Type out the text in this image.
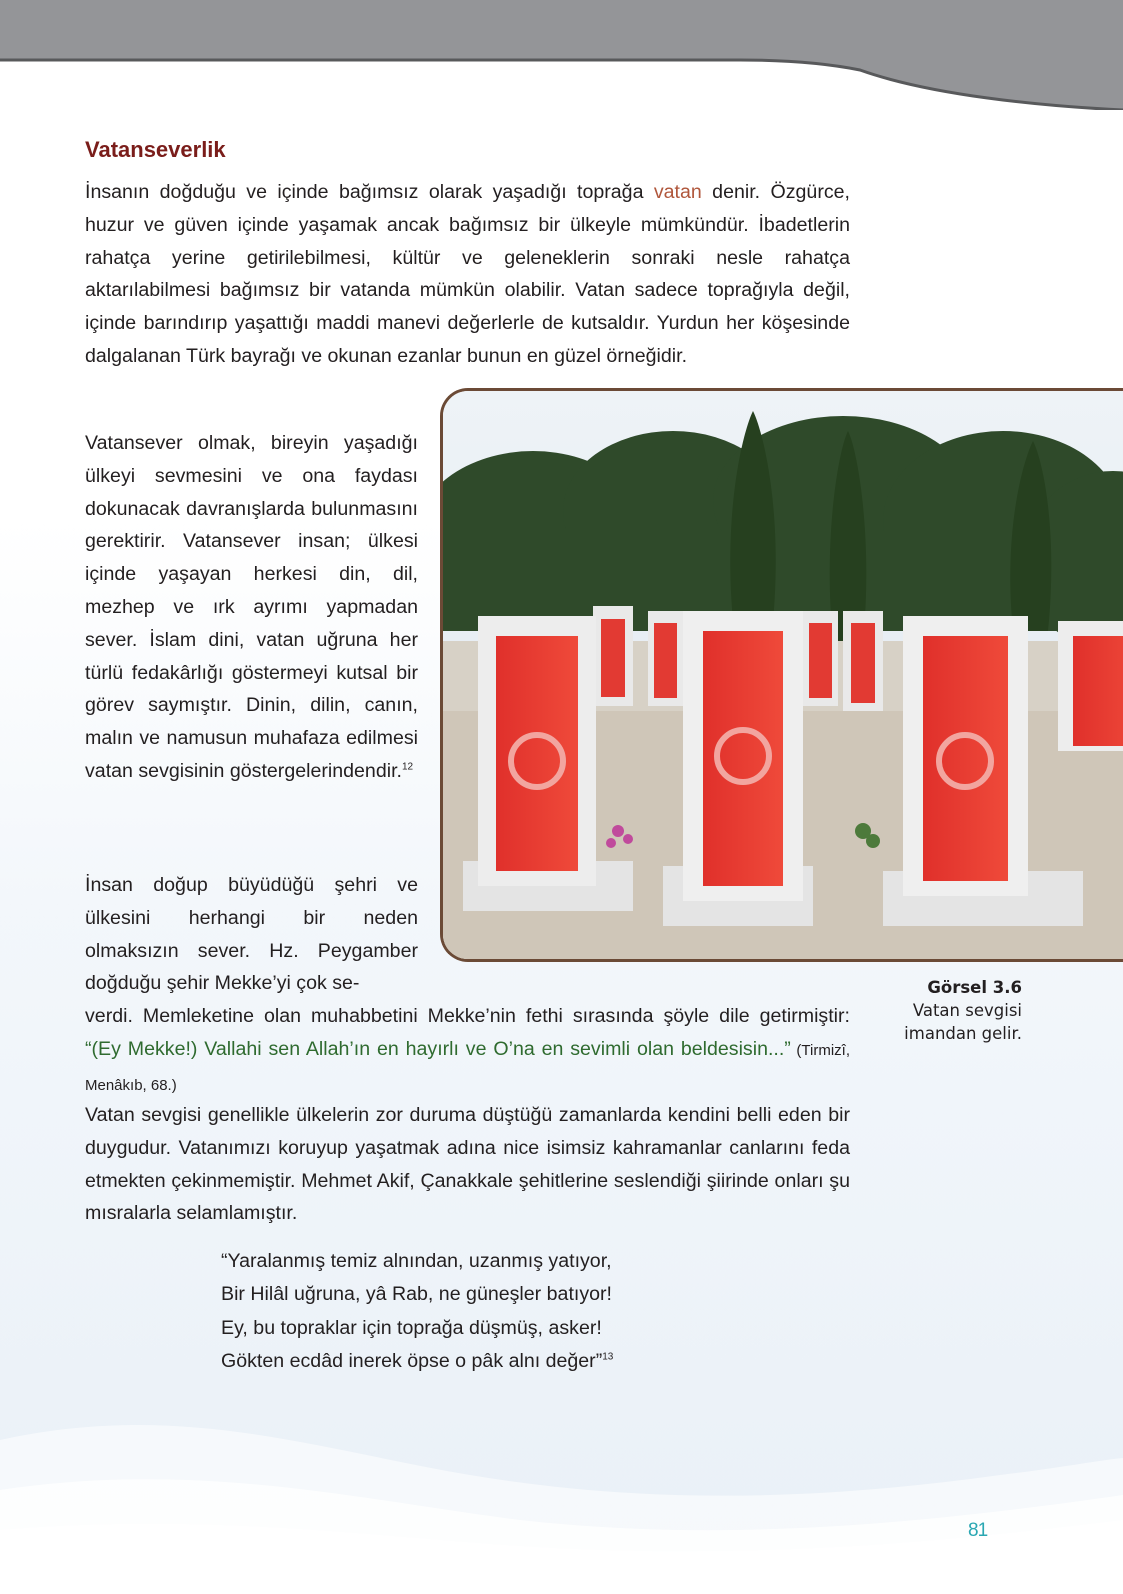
Vatanseverlik

İnsanın doğduğu ve içinde bağımsız olarak yaşadığı toprağa vatan denir. Özgürce, huzur ve güven içinde yaşamak ancak bağımsız bir ülkeyle mümkündür. İbadetlerin rahatça yerine getirilebilmesi, kültür ve geleneklerin sonraki nesle rahatça aktarılabilmesi bağımsız bir vatanda mümkün olabilir. Vatan sadece toprağıyla değil, içinde barındırıp yaşattığı maddi manevi değerlerle de kutsaldır. Yurdun her köşesinde dalgalanan Türk bayrağı ve okunan ezanlar bunun en güzel örneğidir.

Vatansever olmak, bireyin yaşadığı ülkeyi sevmesini ve ona faydası dokunacak davranışlarda bulunmasını gerektirir. Vatansever insan; ülkesi içinde yaşayan herkesi din, dil, mezhep ve ırk ayrımı yapmadan sever. İslam dini, vatan uğruna her türlü fedakârlığı göstermeyi kutsal bir görev saymıştır. Dinin, dilin, canın, malın ve namusun muhafaza edilmesi vatan sevgisinin göstergelerindendir.$^{12}$

İnsan doğup büyüdüğü şehri ve ülkesini herhangi bir neden olmaksızın sever. Hz. Peygamber doğduğu şehir Mekke’yi çok se-

verdi. Memleketine olan muhabbetini Mekke’nin fethi sırasında şöyle dile getirmiştir: “(Ey Mekke!) Vallahi sen Allah’ın en hayırlı ve O’na en sevimli olan beldesisin...” (Tirmizî, Menâkıb, 68.)

Vatan sevgisi genellikle ülkelerin zor duruma düştüğü zamanlarda kendini belli eden bir duygudur. Vatanımızı koruyup yaşatmak adına nice isimsiz kahramanlar canlarını feda etmekten çekinmemiştir. Mehmet Akif, Çanakkale şehitlerine seslendiği şiirinde onları şu mısralarla selamlamıştır.

“Yaralanmış temiz alnından, uzanmış yatıyor,
Bir Hilâl uğruna, yâ Rab, ne güneşler batıyor!
Ey, bu topraklar için toprağa düşmüş, asker!
Gökten ecdâd inerek öpse o pâk alnı değer”$^{13}$
Görsel 3.6
Vatan sevgisi
imandan gelir.
81
